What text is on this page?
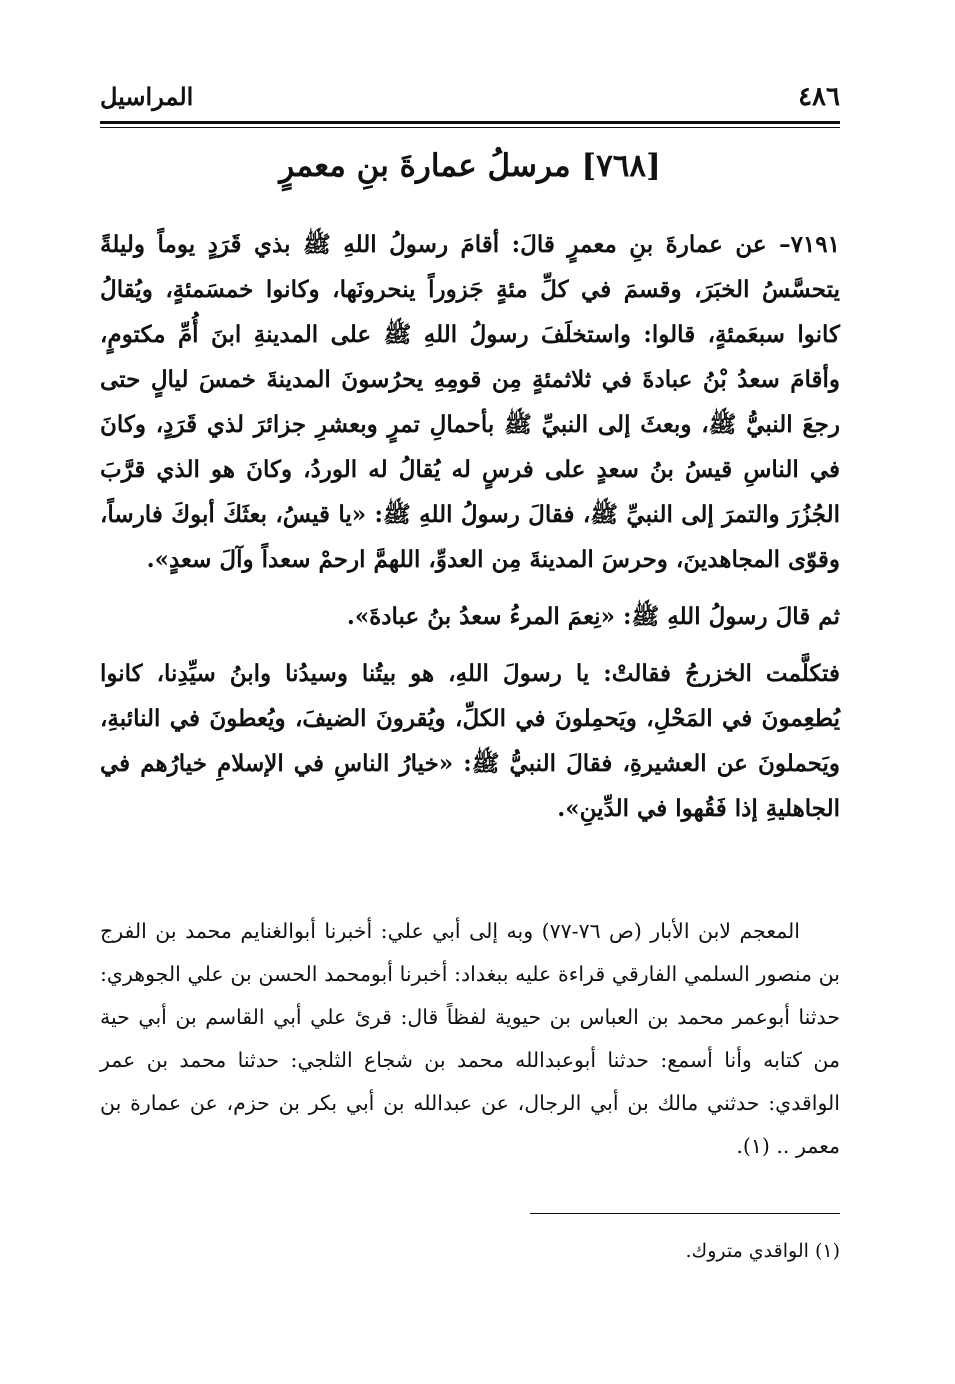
٤٨٦
المراسيل
[٧٦٨] مرسلُ عمارةَ بنِ معمرٍ

٧١٩١– عن عمارةَ بنِ معمرٍ قالَ: أقامَ رسولُ اللهِ ﷺ بذي قَرَدٍ يوماً وليلةً يتحسَّسُ الخبَرَ، وقسمَ في كلِّ مئةٍ جَزوراً ينحرونَها، وكانوا خمسَمئةٍ، ويُقالُ كانوا سبعَمئةٍ، قالوا: واستخلَفَ رسولُ اللهِ ﷺ على المدينةِ ابنَ أُمِّ مكتومٍ، وأقامَ سعدُ بْنُ عبادةَ في ثلاثمئةٍ مِن قومِهِ يحرُسونَ المدينةَ خمسَ ليالٍ حتى رجعَ النبيُّ ﷺ، وبعثَ إلى النبيِّ ﷺ بأحمالِ تمرٍ وبعشرِ جزائرَ لذي قَرَدٍ، وكانَ في الناسِ قيسُ بنُ سعدٍ على فرسٍ له يُقالُ له الوردُ، وكانَ هو الذي قرَّبَ الجُزُرَ والتمرَ إلى النبيِّ ﷺ، فقالَ رسولُ اللهِ ﷺ: «يا قيسُ، بعثَكَ أبوكَ فارساً، وقوّى المجاهدينَ، وحرسَ المدينةَ مِن العدوِّ، اللهمَّ ارحمْ سعداً وآلَ سعدٍ».

ثم قالَ رسولُ اللهِ ﷺ: «نِعمَ المرءُ سعدُ بنُ عبادةَ».

فتكلَّمت الخزرجُ فقالتْ: يا رسولَ اللهِ، هو بيتُنا وسيدُنا وابنُ سيِّدِنا، كانوا يُطعِمونَ في المَحْلِ، ويَحمِلونَ في الكلِّ، ويُقرونَ الضيفَ، ويُعطونَ في النائبةِ، ويَحملونَ عن العشيرةِ، فقالَ النبيُّ ﷺ: «خيارُ الناسِ في الإسلامِ خيارُهم في الجاهليةِ إذا فَقُهوا في الدِّينِ».

المعجم لابن الأبار (ص ٧٦-٧٧) وبه إلى أبي علي: أخبرنا أبوالغنايم محمد بن الفرج بن منصور السلمي الفارقي قراءة عليه ببغداد: أخبرنا أبومحمد الحسن بن علي الجوهري: حدثنا أبوعمر محمد بن العباس بن حيوية لفظاً قال: قرئ علي أبي القاسم بن أبي حية من كتابه وأنا أسمع: حدثنا أبوعبدالله محمد بن شجاع الثلجي: حدثنا محمد بن عمر الواقدي: حدثني مالك بن أبي الرجال، عن عبدالله بن أبي بكر بن حزم، عن عمارة بن معمر .. (١).

(١) الواقدي متروك.
